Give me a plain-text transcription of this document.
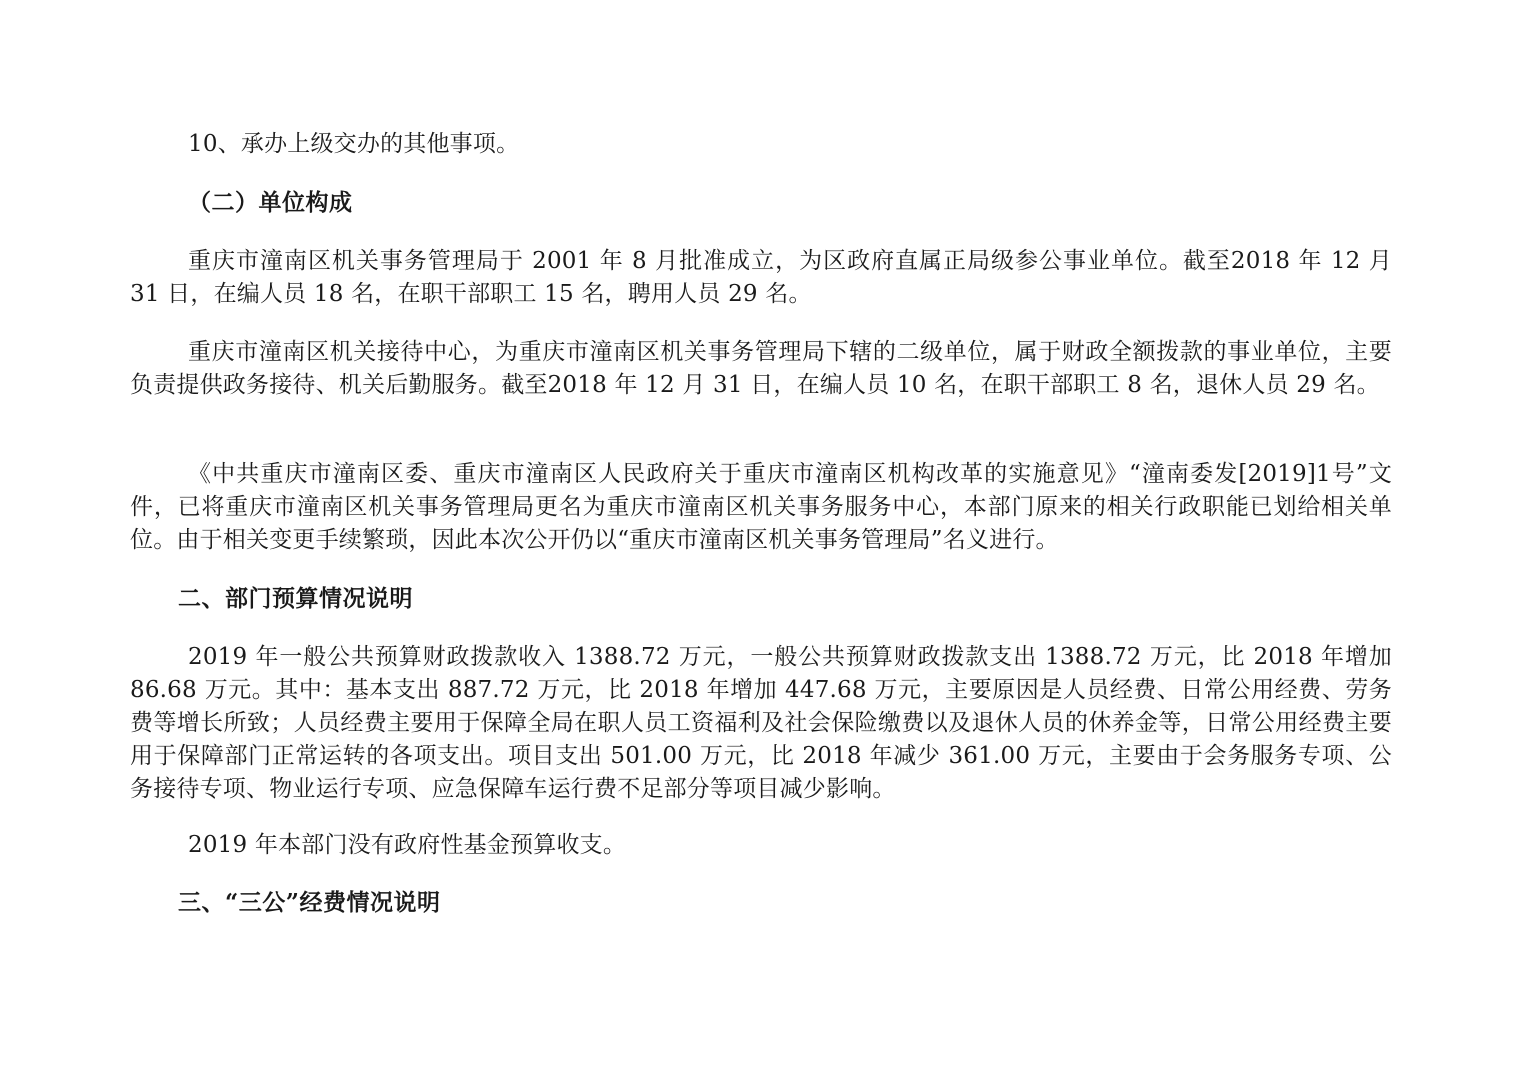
10、承办上级交办的其他事项。

（二）单位构成

重庆市潼南区机关事务管理局于 2001 年 8 月批准成立，为区政府直属正局级参公事业单位。截至2018 年 12 月 31 日，在编人员 18 名，在职干部职工 15 名，聘用人员 29 名。

重庆市潼南区机关接待中心，为重庆市潼南区机关事务管理局下辖的二级单位，属于财政全额拨款的事业单位，主要负责提供政务接待、机关后勤服务。截至2018 年 12 月 31 日，在编人员 10 名，在职干部职工 8 名，退休人员 29 名。

《中共重庆市潼南区委、重庆市潼南区人民政府关于重庆市潼南区机构改革的实施意见》“潼南委发[2019]1号”文件，已将重庆市潼南区机关事务管理局更名为重庆市潼南区机关事务服务中心，本部门原来的相关行政职能已划给相关单位。由于相关变更手续繁琐，因此本次公开仍以“重庆市潼南区机关事务管理局”名义进行。

二、部门预算情况说明

2019 年一般公共预算财政拨款收入 1388.72 万元，一般公共预算财政拨款支出 1388.72 万元，比 2018 年增加 86.68 万元。其中：基本支出 887.72 万元，比 2018 年增加 447.68 万元，主要原因是人员经费、日常公用经费、劳务费等增长所致；人员经费主要用于保障全局在职人员工资福利及社会保险缴费以及退休人员的休养金等，日常公用经费主要用于保障部门正常运转的各项支出。项目支出 501.00 万元，比 2018 年减少 361.00 万元，主要由于会务服务专项、公务接待专项、物业运行专项、应急保障车运行费不足部分等项目减少影响。

2019 年本部门没有政府性基金预算收支。

三、“三公”经费情况说明
